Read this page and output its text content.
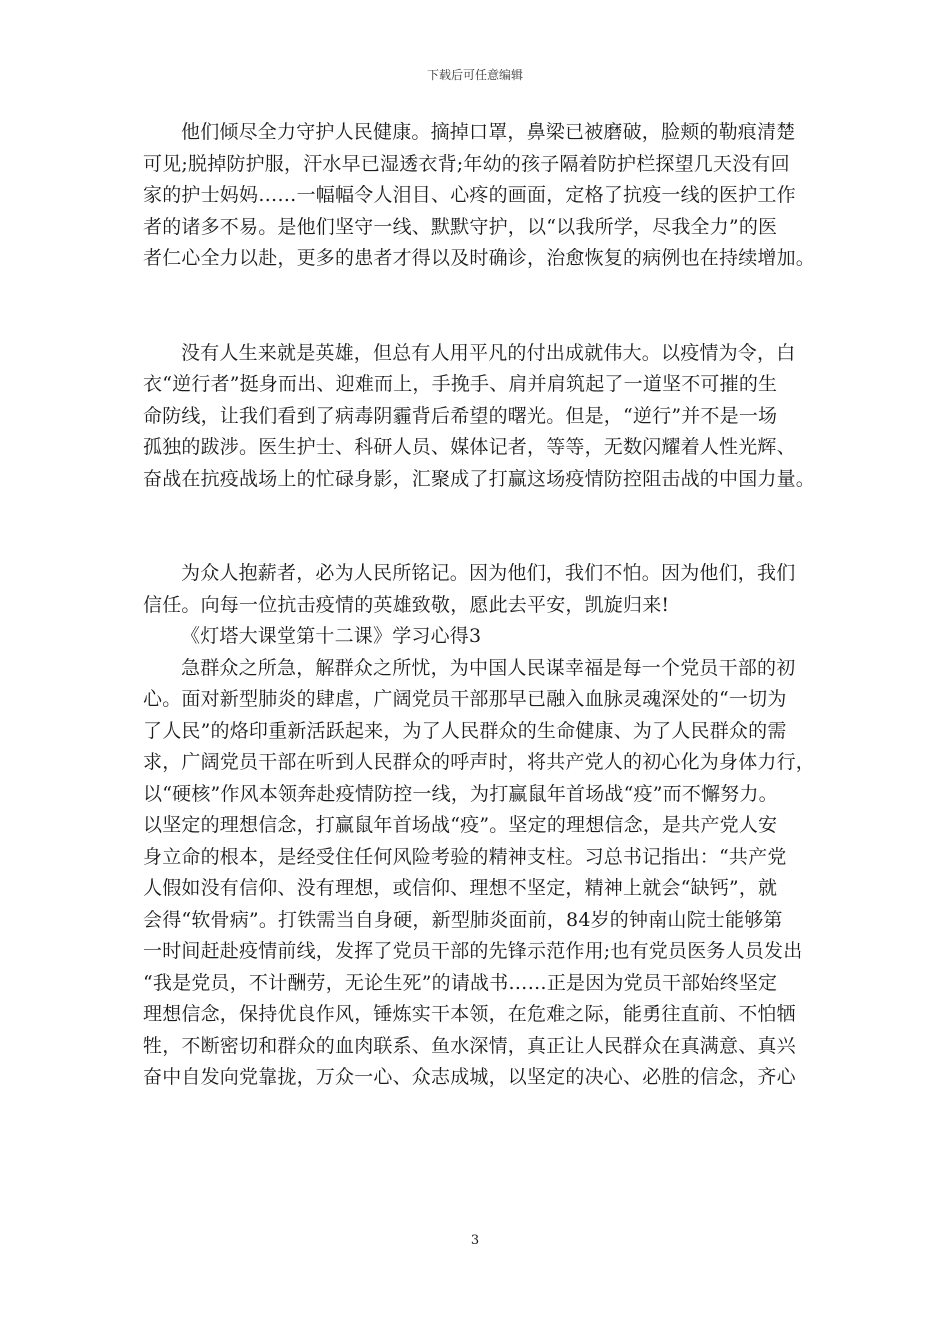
下载后可任意编辑
他们倾尽全力守护人民健康。摘掉口罩，鼻梁已被磨破，脸颊的勒痕清楚
可见;脱掉防护服，汗水早已湿透衣背;年幼的孩子隔着防护栏探望几天没有回
家的护士妈妈……一幅幅令人泪目、心疼的画面，定格了抗疫一线的医护工作
者的诸多不易。是他们坚守一线、默默守护，以“以我所学，尽我全力”的医
者仁心全力以赴，更多的患者才得以及时确诊，治愈恢复的病例也在持续增加。
没有人生来就是英雄，但总有人用平凡的付出成就伟大。以疫情为令，白
衣“逆行者”挺身而出、迎难而上，手挽手、肩并肩筑起了一道坚不可摧的生
命防线，让我们看到了病毒阴霾背后希望的曙光。但是，“逆行”并不是一场
孤独的跋涉。医生护士、科研人员、媒体记者，等等，无数闪耀着人性光辉、
奋战在抗疫战场上的忙碌身影，汇聚成了打赢这场疫情防控阻击战的中国力量。
为众人抱薪者，必为人民所铭记。因为他们，我们不怕。因为他们，我们
信任。向每一位抗击疫情的英雄致敬，愿此去平安，凯旋归来!
《灯塔大课堂第十二课》学习心得3
急群众之所急，解群众之所忧，为中国人民谋幸福是每一个党员干部的初
心。面对新型肺炎的肆虐，广阔党员干部那早已融入血脉灵魂深处的“一切为
了人民”的烙印重新活跃起来，为了人民群众的生命健康、为了人民群众的需
求，广阔党员干部在听到人民群众的呼声时，将共产党人的初心化为身体力行，
以“硬核”作风本领奔赴疫情防控一线，为打赢鼠年首场战“疫”而不懈努力。
以坚定的理想信念，打赢鼠年首场战“疫”。坚定的理想信念，是共产党人安
身立命的根本，是经受住任何风险考验的精神支柱。习总书记指出：“共产党
人假如没有信仰、没有理想，或信仰、理想不坚定，精神上就会“缺钙”，就
会得“软骨病”。打铁需当自身硬，新型肺炎面前，84岁的钟南山院士能够第
一时间赶赴疫情前线，发挥了党员干部的先锋示范作用;也有党员医务人员发出
“我是党员，不计酬劳，无论生死”的请战书……正是因为党员干部始终坚定
理想信念，保持优良作风，锤炼实干本领，在危难之际，能勇往直前、不怕牺
牲，不断密切和群众的血肉联系、鱼水深情，真正让人民群众在真满意、真兴
奋中自发向党靠拢，万众一心、众志成城，以坚定的决心、必胜的信念，齐心
3
